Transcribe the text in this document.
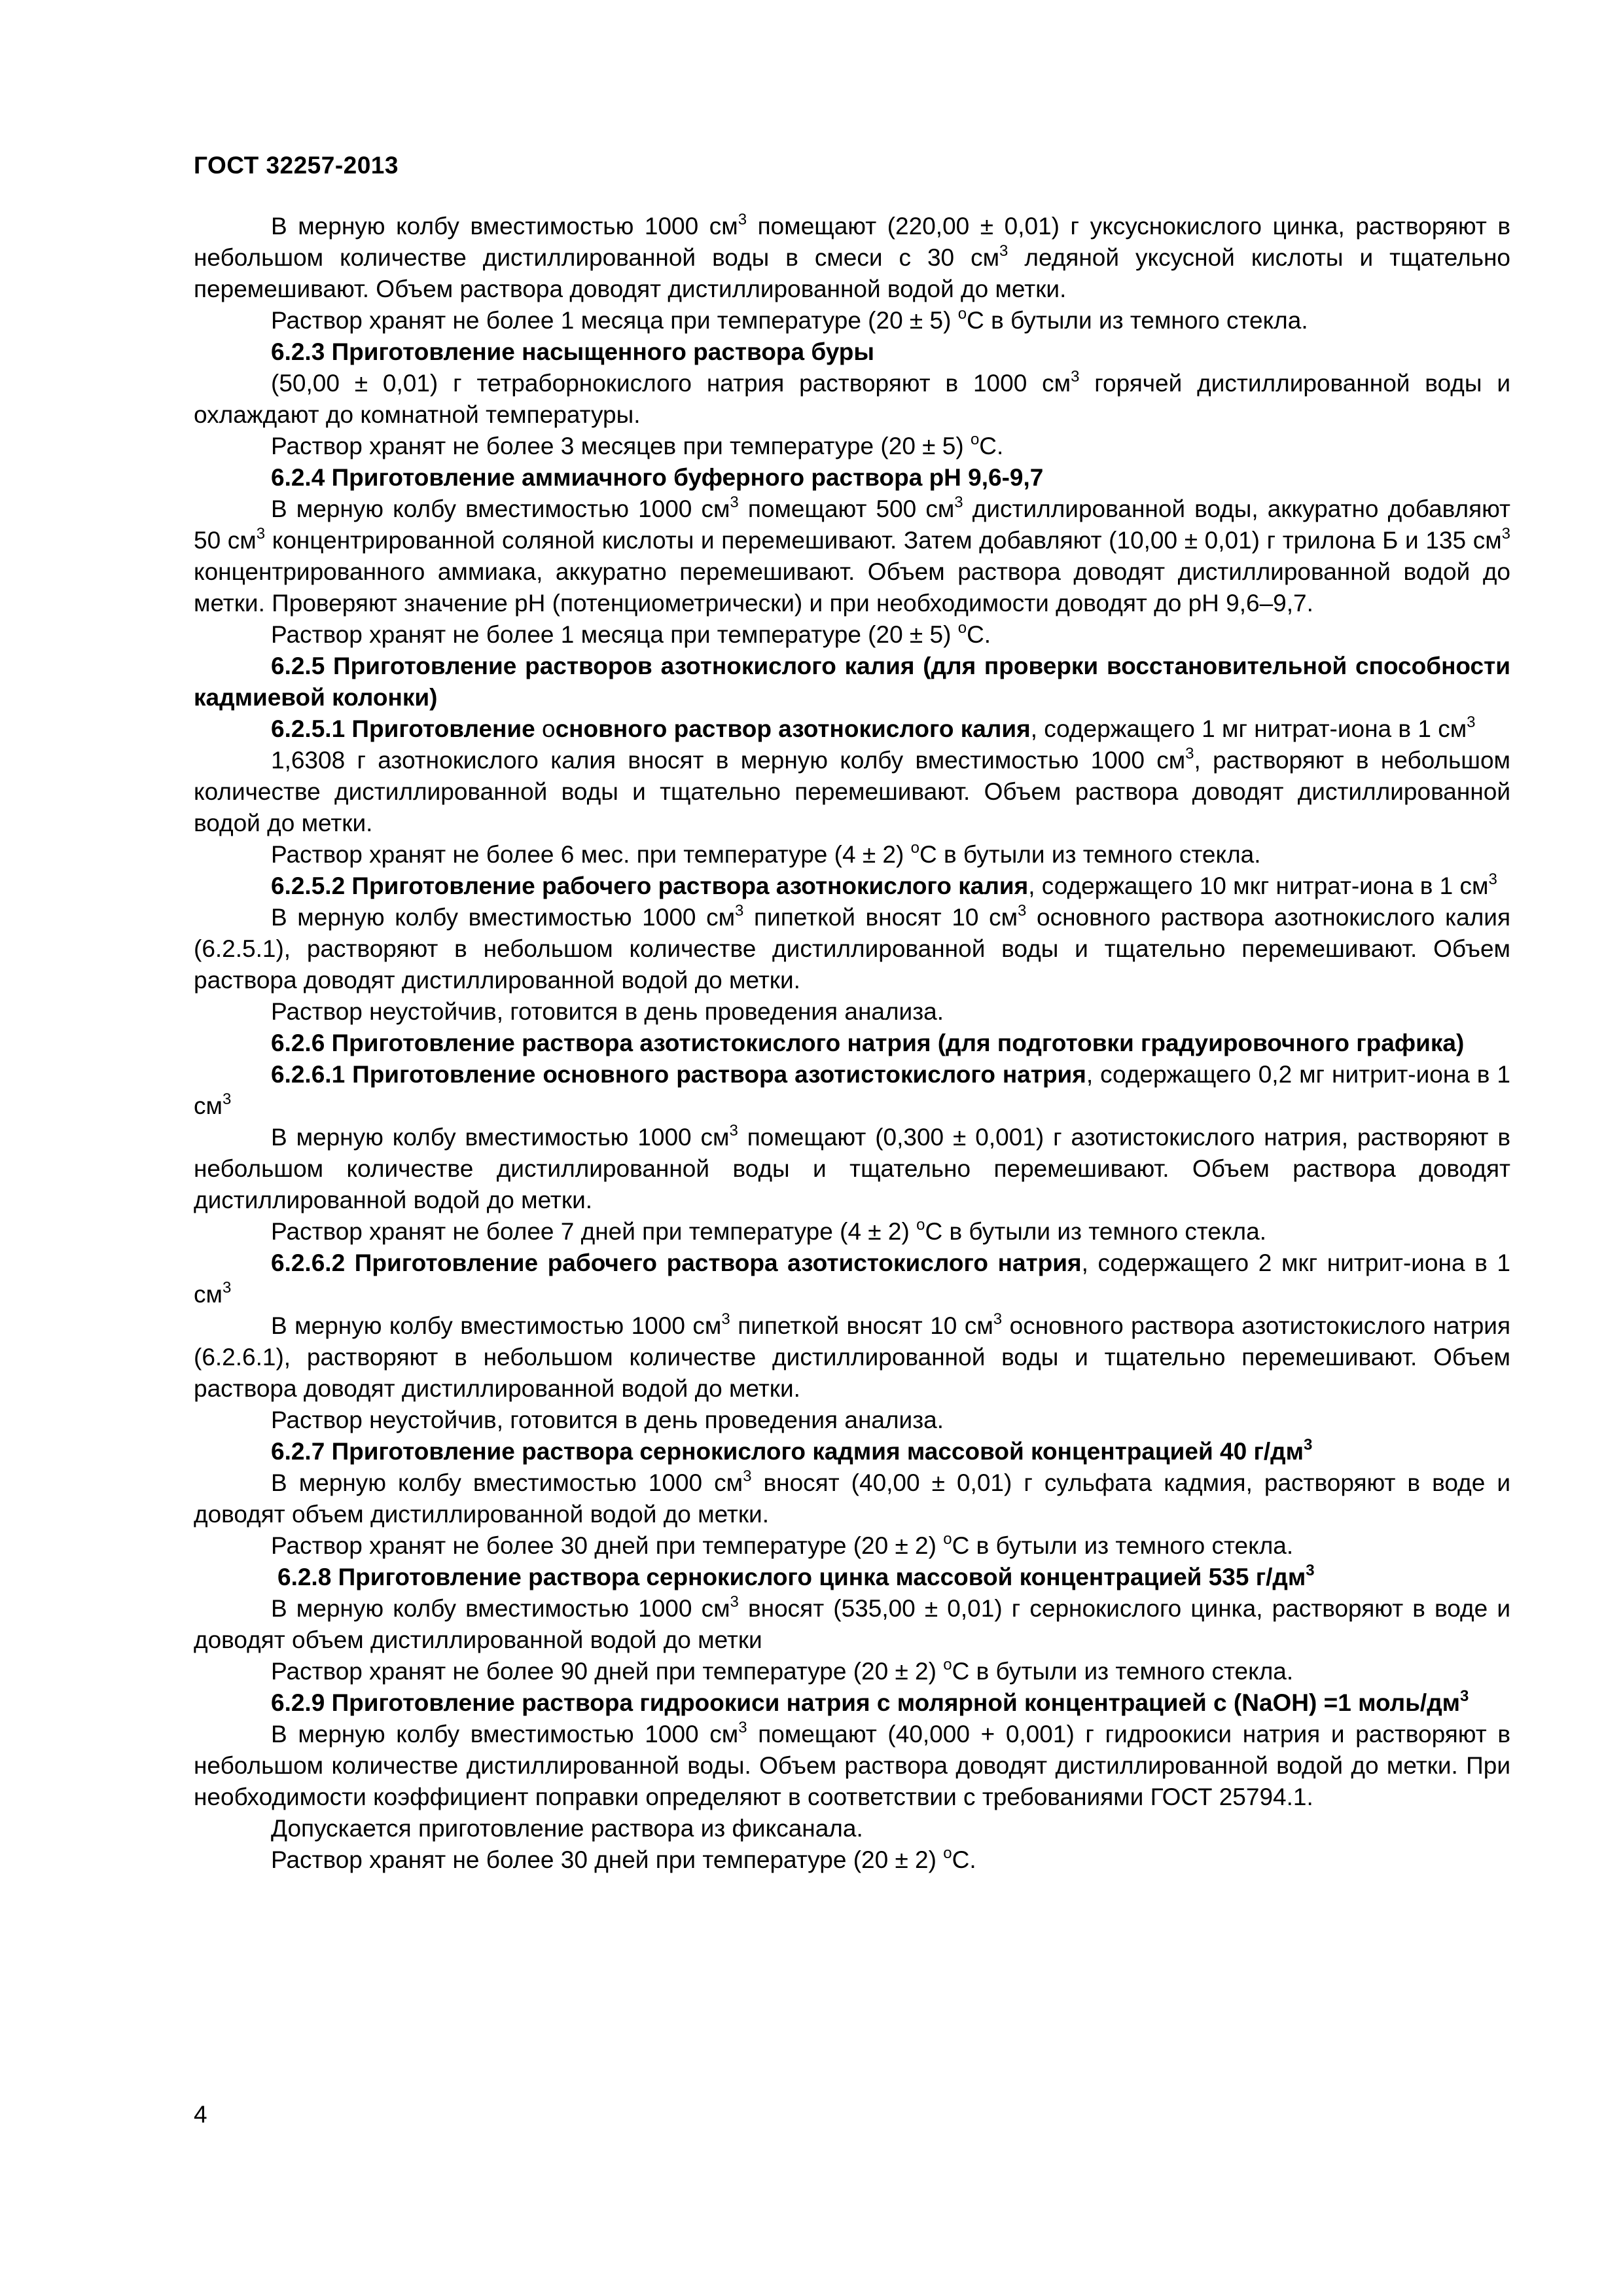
ГОСТ 32257-2013

В мерную колбу вместимостью 1000 $см^3$ помещают (220,00 ± 0,01) г уксуснокислого цинка, растворяют в небольшом количестве дистиллированной воды в смеси с 30 $см^3$ ледяной уксусной кислоты и тщательно перемешивают. Объем раствора доводят дистиллированной водой до метки.

Раствор хранят не более 1 месяца при температуре (20 ± 5) $^о$С в бутыли из темного стекла.

6.2.3 Приготовление насыщенного раствора буры

(50,00 ± 0,01) г тетраборнокислого натрия растворяют в 1000 $см^3$ горячей дистиллированной воды и охлаждают до комнатной температуры.

Раствор хранят не более 3 месяцев при температуре (20 ± 5) $^о$С.

6.2.4 Приготовление аммиачного буферного раствора рН 9,6-9,7

В мерную колбу вместимостью 1000 $см^3$ помещают 500 $см^3$ дистиллированной воды, аккуратно добавляют 50 $см^3$ концентрированной соляной кислоты и перемешивают. Затем добавляют (10,00 ± 0,01) г трилона Б и 135 $см^3$ концентрированного аммиака, аккуратно перемешивают. Объем раствора доводят дистиллированной водой до метки. Проверяют значение рН (потенциометрически) и при необходимости доводят до рН 9,6–9,7.

Раствор хранят не более 1 месяца при температуре (20 ± 5) $^о$С.

6.2.5 Приготовление растворов азотнокислого калия (для проверки восстановительной способности кадмиевой колонки)

6.2.5.1 Приготовление основного раствор азотнокислого калия, содержащего 1 мг нитрат-иона в 1 $см^3$

1,6308 г азотнокислого калия вносят в мерную колбу вместимостью 1000 $см^3$, растворяют в небольшом количестве дистиллированной воды и тщательно перемешивают. Объем раствора доводят дистиллированной водой до метки.

Раствор хранят не более 6 мес. при температуре (4 ± 2) $^о$С в бутыли из темного стекла.

6.2.5.2 Приготовление рабочего раствора азотнокислого калия, содержащего 10 мкг нитрат-иона в 1 $см^3$

В мерную колбу вместимостью 1000 $см^3$ пипеткой вносят 10 $см^3$ основного раствора азотнокислого калия (6.2.5.1), растворяют в небольшом количестве дистиллированной воды и тщательно перемешивают. Объем раствора доводят дистиллированной водой до метки.

Раствор неустойчив, готовится в день проведения анализа.

6.2.6 Приготовление раствора азотистокислого натрия (для подготовки градуировочного графика)

6.2.6.1 Приготовление основного раствора азотистокислого натрия, содержащего 0,2 мг нитрит-иона в 1 $см^3$

В мерную колбу вместимостью 1000 $см^3$ помещают (0,300 ± 0,001) г азотистокислого натрия, растворяют в небольшом количестве дистиллированной воды и тщательно перемешивают. Объем раствора доводят дистиллированной водой до метки.

Раствор хранят не более 7 дней при температуре (4 ± 2) $^о$С в бутыли из темного стекла.

6.2.6.2 Приготовление рабочего раствора азотистокислого натрия, содержащего 2 мкг нитрит-иона в 1 $см^3$

В мерную колбу вместимостью 1000 $см^3$ пипеткой вносят 10 $см^3$ основного раствора азотистокислого натрия (6.2.6.1), растворяют в небольшом количестве дистиллированной воды и тщательно перемешивают. Объем раствора доводят дистиллированной водой до метки.

Раствор неустойчив, готовится в день проведения анализа.

6.2.7 Приготовление раствора сернокислого кадмия массовой концентрацией 40 $г/дм^3$

В мерную колбу вместимостью 1000 $см^3$ вносят (40,00 ± 0,01) г сульфата кадмия, растворяют в воде и доводят объем дистиллированной водой до метки.

Раствор хранят не более 30 дней при температуре (20 ± 2) $^о$С в бутыли из темного стекла.

6.2.8 Приготовление раствора сернокислого цинка массовой концентрацией 535 $г/дм^3$

В мерную колбу вместимостью 1000 $см^3$ вносят (535,00 ± 0,01) г сернокислого цинка, растворяют в воде и доводят объем дистиллированной водой до метки

Раствор хранят не более 90 дней при температуре (20 ± 2) $^о$С в бутыли из темного стекла.

6.2.9 Приготовление раствора гидроокиси натрия с молярной концентрацией с (NaOH) =1 моль/$дм^3$

В мерную колбу вместимостью 1000 $см^3$ помещают (40,000 + 0,001) г гидроокиси натрия и растворяют в небольшом количестве дистиллированной воды. Объем раствора доводят дистиллированной водой до метки. При необходимости коэффициент поправки определяют в соответствии с требованиями ГОСТ 25794.1.

Допускается приготовление раствора из фиксанала.

Раствор хранят не более 30 дней при температуре (20 ± 2) $^о$С.

4
